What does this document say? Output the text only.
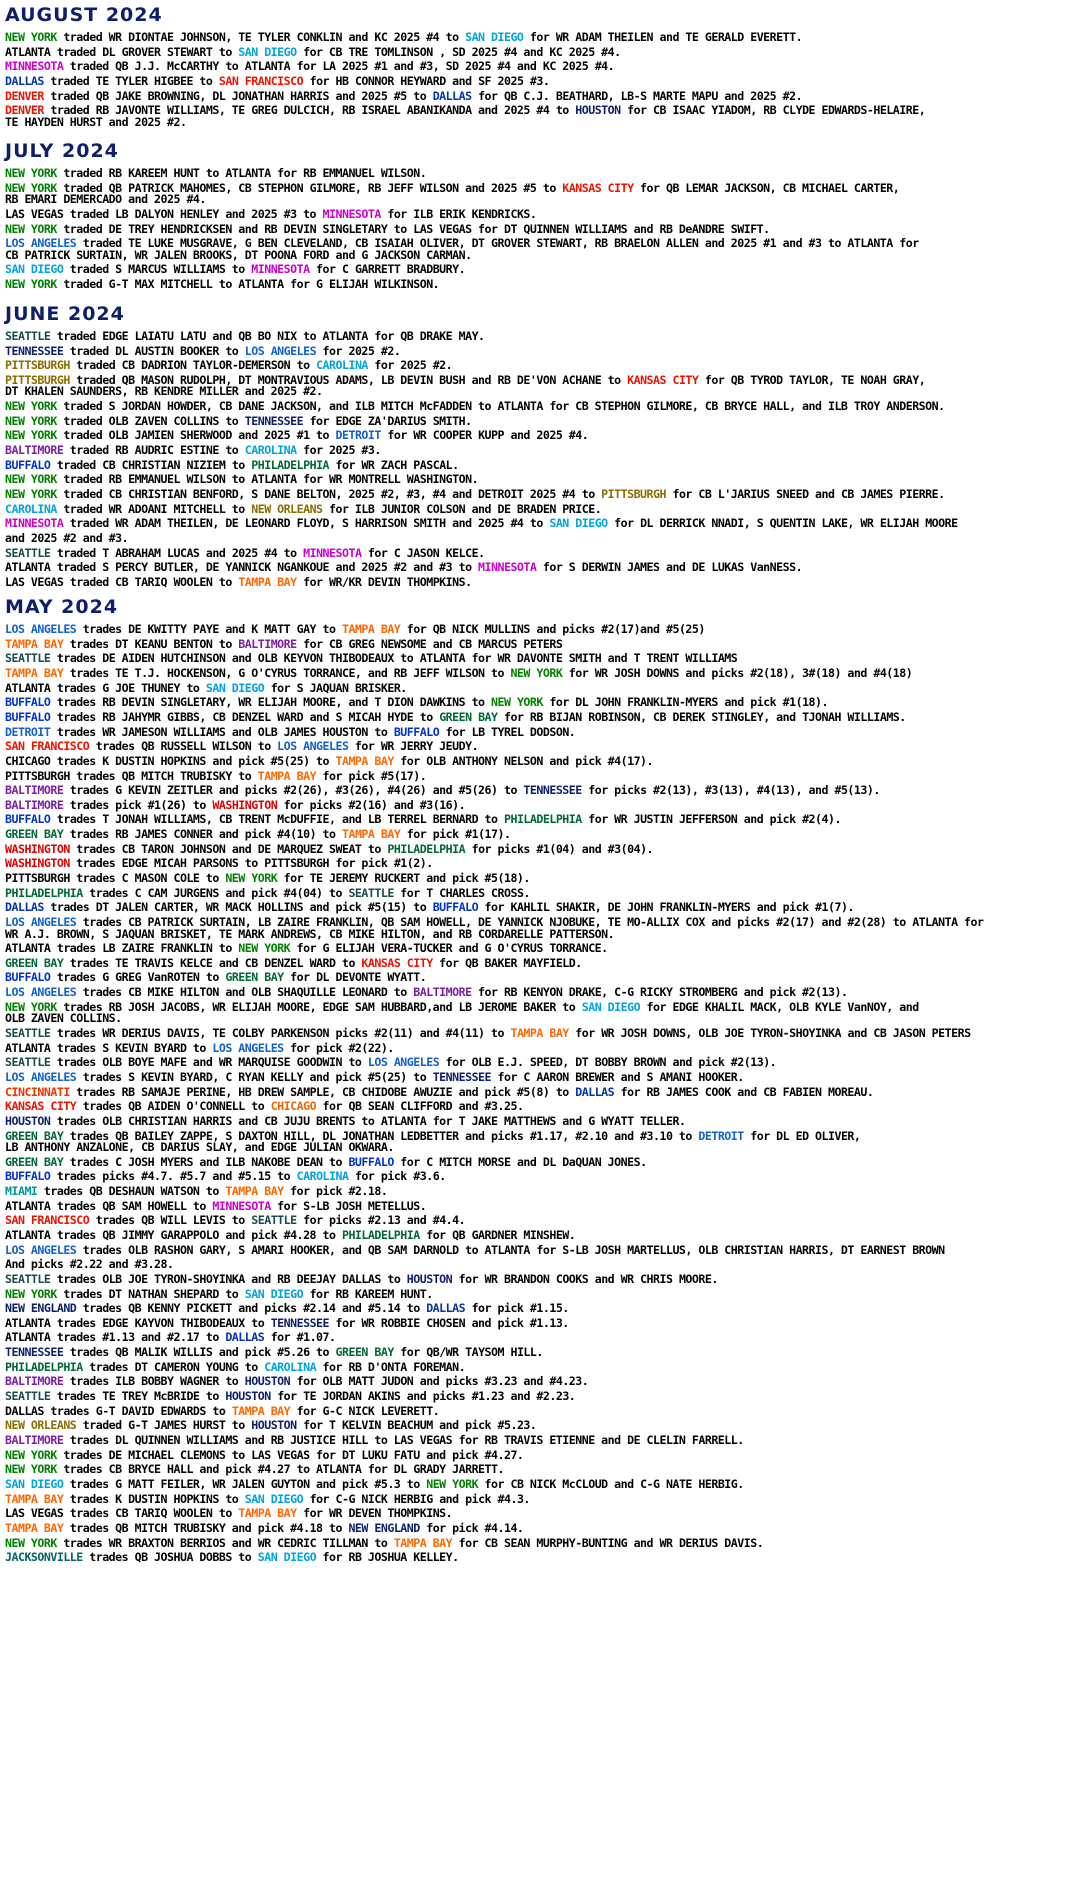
AUGUST 2024
NEW YORK traded WR DIONTAE JOHNSON, TE TYLER CONKLIN and KC 2025 #4 to SAN DIEGO for WR ADAM THEILEN and TE GERALD EVERETT.
ATLANTA traded DL GROVER STEWART to SAN DIEGO for CB TRE TOMLINSON , SD 2025 #4 and KC 2025 #4.
MINNESOTA traded QB J.J. McCARTHY to ATLANTA for LA 2025 #1 and #3, SD 2025 #4 and KC 2025 #4.
DALLAS traded TE TYLER HIGBEE to SAN FRANCISCO for HB CONNOR HEYWARD and SF 2025 #3.
DENVER traded QB JAKE BROWNING, DL JONATHAN HARRIS and 2025 #5 to DALLAS for QB C.J. BEATHARD, LB-S MARTE MAPU and 2025 #2.
DENVER traded RB JAVONTE WILLIAMS, TE GREG DULCICH, RB ISRAEL ABANIKANDA and 2025 #4 to HOUSTON for CB ISAAC YIADOM, RB CLYDE EDWARDS-HELAIRE,
TE HAYDEN HURST and 2025 #2.
JULY 2024
NEW YORK traded RB KAREEM HUNT to ATLANTA for RB EMMANUEL WILSON.
NEW YORK traded QB PATRICK MAHOMES, CB STEPHON GILMORE, RB JEFF WILSON and 2025 #5 to KANSAS CITY for QB LEMAR JACKSON, CB MICHAEL CARTER,
RB EMARI DEMERCADO and 2025 #4.
LAS VEGAS traded LB DALYON HENLEY and 2025 #3 to MINNESOTA for ILB ERIK KENDRICKS.
NEW YORK traded DE TREY HENDRICKSEN and RB DEVIN SINGLETARY to LAS VEGAS for DT QUINNEN WILLIAMS and RB DeANDRE SWIFT.
LOS ANGELES traded TE LUKE MUSGRAVE, G BEN CLEVELAND, CB ISAIAH OLIVER, DT GROVER STEWART, RB BRAELON ALLEN and 2025 #1 and #3 to ATLANTA for
CB PATRICK SURTAIN, WR JALEN BROOKS, DT POONA FORD and G JACKSON CARMAN.
SAN DIEGO traded S MARCUS WILLIAMS to MINNESOTA for C GARRETT BRADBURY.
NEW YORK traded G-T MAX MITCHELL to ATLANTA for G ELIJAH WILKINSON.
JUNE 2024
SEATTLE traded EDGE LAIATU LATU and QB BO NIX to ATLANTA for QB DRAKE MAY.
TENNESSEE traded DL AUSTIN BOOKER to LOS ANGELES for 2025 #2.
PITTSBURGH traded CB DADRION TAYLOR-DEMERSON to CAROLINA for 2025 #2.
PITTSBURGH traded QB MASON RUDOLPH, DT MONTRAVIOUS ADAMS, LB DEVIN BUSH and RB DE'VON ACHANE to KANSAS CITY for QB TYROD TAYLOR, TE NOAH GRAY,
DT KHALEN SAUNDERS, RB KENDRE MILLER and 2025 #2.
NEW YORK traded S JORDAN HOWDER, CB DANE JACKSON, and ILB MITCH McFADDEN to ATLANTA for CB STEPHON GILMORE, CB BRYCE HALL, and ILB TROY ANDERSON.
NEW YORK traded OLB ZAVEN COLLINS to TENNESSEE for EDGE ZA'DARIUS SMITH.
NEW YORK traded OLB JAMIEN SHERWOOD and 2025 #1 to DETROIT for WR COOPER KUPP and 2025 #4.
BALTIMORE traded RB AUDRIC ESTINE to CAROLINA for 2025 #3.
BUFFALO traded CB CHRISTIAN NIZIEM to PHILADELPHIA for WR ZACH PASCAL.
NEW YORK traded RB EMMANUEL WILSON to ATLANTA for WR MONTRELL WASHINGTON.
NEW YORK traded CB CHRISTIAN BENFORD, S DANE BELTON, 2025 #2, #3, #4 and DETROIT 2025 #4 to PITTSBURGH for CB L'JARIUS SNEED and CB JAMES PIERRE.
CAROLINA traded WR ADOANI MITCHELL to NEW ORLEANS for ILB JUNIOR COLSON and DE BRADEN PRICE.
MINNESOTA traded WR ADAM THEILEN, DE LEONARD FLOYD, S HARRISON SMITH and 2025 #4 to SAN DIEGO for DL DERRICK NNADI, S QUENTIN LAKE, WR ELIJAH MOORE
and 2025 #2 and #3.
SEATTLE traded T ABRAHAM LUCAS and 2025 #4 to MINNESOTA for C JASON KELCE.
ATLANTA traded S PERCY BUTLER, DE YANNICK NGANKOUE and 2025 #2 and #3 to MINNESOTA for S DERWIN JAMES and DE LUKAS VanNESS.
LAS VEGAS traded CB TARIQ WOOLEN to TAMPA BAY for WR/KR DEVIN THOMPKINS.
MAY 2024
LOS ANGELES trades DE KWITTY PAYE and K MATT GAY to TAMPA BAY for QB NICK MULLINS and picks #2(17)and #5(25)
TAMPA BAY trades DT KEANU BENTON to BALTIMORE for CB GREG NEWSOME and CB MARCUS PETERS
SEATTLE trades DE AIDEN HUTCHINSON and OLB KEYVON THIBODEAUX to ATLANTA for WR DAVONTE SMITH and T TRENT WILLIAMS
TAMPA BAY trades TE T.J. HOCKENSON, G O'CYRUS TORRANCE, and RB JEFF WILSON to NEW YORK for WR JOSH DOWNS and picks #2(18), 3#(18) and #4(18)
ATLANTA trades G JOE THUNEY to SAN DIEGO for S JAQUAN BRISKER.
BUFFALO trades RB DEVIN SINGLETARY, WR ELIJAH MOORE, and T DION DAWKINS to NEW YORK for DL JOHN FRANKLIN-MYERS and pick #1(18).
BUFFALO trades RB JAHYMR GIBBS, CB DENZEL WARD and S MICAH HYDE to GREEN BAY for RB BIJAN ROBINSON, CB DEREK STINGLEY, and TJONAH WILLIAMS.
DETROIT trades WR JAMESON WILLIAMS and OLB JAMES HOUSTON to BUFFALO for LB TYREL DODSON.
SAN FRANCISCO trades QB RUSSELL WILSON to LOS ANGELES for WR JERRY JEUDY.
CHICAGO trades K DUSTIN HOPKINS and pick #5(25) to TAMPA BAY for OLB ANTHONY NELSON and pick #4(17).
PITTSBURGH trades QB MITCH TRUBISKY to TAMPA BAY for pick #5(17).
BALTIMORE trades G KEVIN ZEITLER and picks #2(26), #3(26), #4(26) and #5(26) to TENNESSEE for picks #2(13), #3(13), #4(13), and #5(13).
BALTIMORE trades pick #1(26) to WASHINGTON for picks #2(16) and #3(16).
BUFFALO trades T JONAH WILLIAMS, CB TRENT McDUFFIE, and LB TERREL BERNARD to PHILADELPHIA for WR JUSTIN JEFFERSON and pick #2(4).
GREEN BAY trades RB JAMES CONNER and pick #4(10) to TAMPA BAY for pick #1(17).
WASHINGTON trades CB TARON JOHNSON and DE MARQUEZ SWEAT to PHILADELPHIA for picks #1(04) and #3(04).
WASHINGTON trades EDGE MICAH PARSONS to PITTSBURGH for pick #1(2).
PITTSBURGH trades C MASON COLE to NEW YORK for TE JEREMY RUCKERT and pick #5(18).
PHILADELPHIA trades C CAM JURGENS and pick #4(04) to SEATTLE for T CHARLES CROSS.
DALLAS trades DT JALEN CARTER, WR MACK HOLLINS and pick #5(15) to BUFFALO for KAHLIL SHAKIR, DE JOHN FRANKLIN-MYERS and pick #1(7).
LOS ANGELES trades CB PATRICK SURTAIN, LB ZAIRE FRANKLIN, QB SAM HOWELL, DE YANNICK NJOBUKE, TE MO-ALLIX COX and picks #2(17) and #2(28) to ATLANTA for
WR A.J. BROWN, S JAQUAN BRISKET, TE MARK ANDREWS, CB MIKE HILTON, and RB CORDARELLE PATTERSON.
ATLANTA trades LB ZAIRE FRANKLIN to NEW YORK for G ELIJAH VERA-TUCKER and G O'CYRUS TORRANCE.
GREEN BAY trades TE TRAVIS KELCE and CB DENZEL WARD to KANSAS CITY for QB BAKER MAYFIELD.
BUFFALO trades G GREG VanROTEN to GREEN BAY for DL DEVONTE WYATT.
LOS ANGELES trades CB MIKE HILTON and OLB SHAQUILLE LEONARD to BALTIMORE for RB KENYON DRAKE, C-G RICKY STROMBERG and pick #2(13).
NEW YORK trades RB JOSH JACOBS, WR ELIJAH MOORE, EDGE SAM HUBBARD,and LB JEROME BAKER to SAN DIEGO for EDGE KHALIL MACK, OLB KYLE VanNOY, and
OLB ZAVEN COLLINS.
SEATTLE trades WR DERIUS DAVIS, TE COLBY PARKENSON picks #2(11) and #4(11) to TAMPA BAY for WR JOSH DOWNS, OLB JOE TYRON-SHOYINKA and CB JASON PETERS
ATLANTA trades S KEVIN BYARD to LOS ANGELES for pick #2(22).
SEATTLE trades OLB BOYE MAFE and WR MARQUISE GOODWIN to LOS ANGELES for OLB E.J. SPEED, DT BOBBY BROWN and pick #2(13).
LOS ANGELES trades S KEVIN BYARD, C RYAN KELLY and pick #5(25) to TENNESSEE for C AARON BREWER and S AMANI HOOKER.
CINCINNATI trades RB SAMAJE PERINE, HB DREW SAMPLE, CB CHIDOBE AWUZIE and pick #5(8) to DALLAS for RB JAMES COOK and CB FABIEN MOREAU.
KANSAS CITY trades QB AIDEN O'CONNELL to CHICAGO for QB SEAN CLIFFORD and #3.25.
HOUSTON trades OLB CHRISTIAN HARRIS and CB JUJU BRENTS to ATLANTA for T JAKE MATTHEWS and G WYATT TELLER.
GREEN BAY trades QB BAILEY ZAPPE, S DAXTON HILL, DL JONATHAN LEDBETTER and picks #1.17, #2.10 and #3.10 to DETROIT for DL ED OLIVER,
LB ANTHONY ANZALONE, CB DARIUS SLAY, and EDGE JULIAN OKWARA.
GREEN BAY trades C JOSH MYERS and ILB NAKOBE DEAN to BUFFALO for C MITCH MORSE and DL DaQUAN JONES.
BUFFALO trades picks #4.7. #5.7 and #5.15 to CAROLINA for pick #3.6.
MIAMI trades QB DESHAUN WATSON to TAMPA BAY for pick #2.18.
ATLANTA trades QB SAM HOWELL to MINNESOTA for S-LB JOSH METELLUS.
SAN FRANCISCO trades QB WILL LEVIS to SEATTLE for picks #2.13 and #4.4.
ATLANTA trades QB JIMMY GARAPPOLO and pick #4.28 to PHILADELPHIA for QB GARDNER MINSHEW.
LOS ANGELES trades OLB RASHON GARY, S AMARI HOOKER, and QB SAM DARNOLD to ATLANTA for S-LB JOSH MARTELLUS, OLB CHRISTIAN HARRIS, DT EARNEST BROWN
And picks #2.22 and #3.28.
SEATTLE trades OLB JOE TYRON-SHOYINKA and RB DEEJAY DALLAS to HOUSTON for WR BRANDON COOKS and WR CHRIS MOORE.
NEW YORK trades DT NATHAN SHEPARD to SAN DIEGO for RB KAREEM HUNT.
NEW ENGLAND trades QB KENNY PICKETT and picks #2.14 and #5.14 to DALLAS for pick #1.15.
ATLANTA trades EDGE KAYVON THIBODEAUX to TENNESSEE for WR ROBBIE CHOSEN and pick #1.13.
ATLANTA trades #1.13 and #2.17 to DALLAS for #1.07.
TENNESSEE trades QB MALIK WILLIS and pick #5.26 to GREEN BAY for QB/WR TAYSOM HILL.
PHILADELPHIA trades DT CAMERON YOUNG to CAROLINA for RB D'ONTA FOREMAN.
BALTIMORE trades ILB BOBBY WAGNER to HOUSTON for OLB MATT JUDON and picks #3.23 and #4.23.
SEATTLE trades TE TREY McBRIDE to HOUSTON for TE JORDAN AKINS and picks #1.23 and #2.23.
DALLAS trades G-T DAVID EDWARDS to TAMPA BAY for G-C NICK LEVERETT.
NEW ORLEANS traded G-T JAMES HURST to HOUSTON for T KELVIN BEACHUM and pick #5.23.
BALTIMORE trades DL QUINNEN WILLIAMS and RB JUSTICE HILL to LAS VEGAS for RB TRAVIS ETIENNE and DE CLELIN FARRELL.
NEW YORK trades DE MICHAEL CLEMONS to LAS VEGAS for DT LUKU FATU and pick #4.27.
NEW YORK trades CB BRYCE HALL and pick #4.27 to ATLANTA for DL GRADY JARRETT.
SAN DIEGO trades G MATT FEILER, WR JALEN GUYTON and pick #5.3 to NEW YORK for CB NICK McCLOUD and C-G NATE HERBIG.
TAMPA BAY trades K DUSTIN HOPKINS to SAN DIEGO for C-G NICK HERBIG and pick #4.3.
LAS VEGAS trades CB TARIQ WOOLEN to TAMPA BAY for WR DEVEN THOMPKINS.
TAMPA BAY trades QB MITCH TRUBISKY and pick #4.18 to NEW ENGLAND for pick #4.14.
NEW YORK trades WR BRAXTON BERRIOS and WR CEDRIC TILLMAN to TAMPA BAY for CB SEAN MURPHY-BUNTING and WR DERIUS DAVIS.
JACKSONVILLE trades QB JOSHUA DOBBS to SAN DIEGO for RB JOSHUA KELLEY.
